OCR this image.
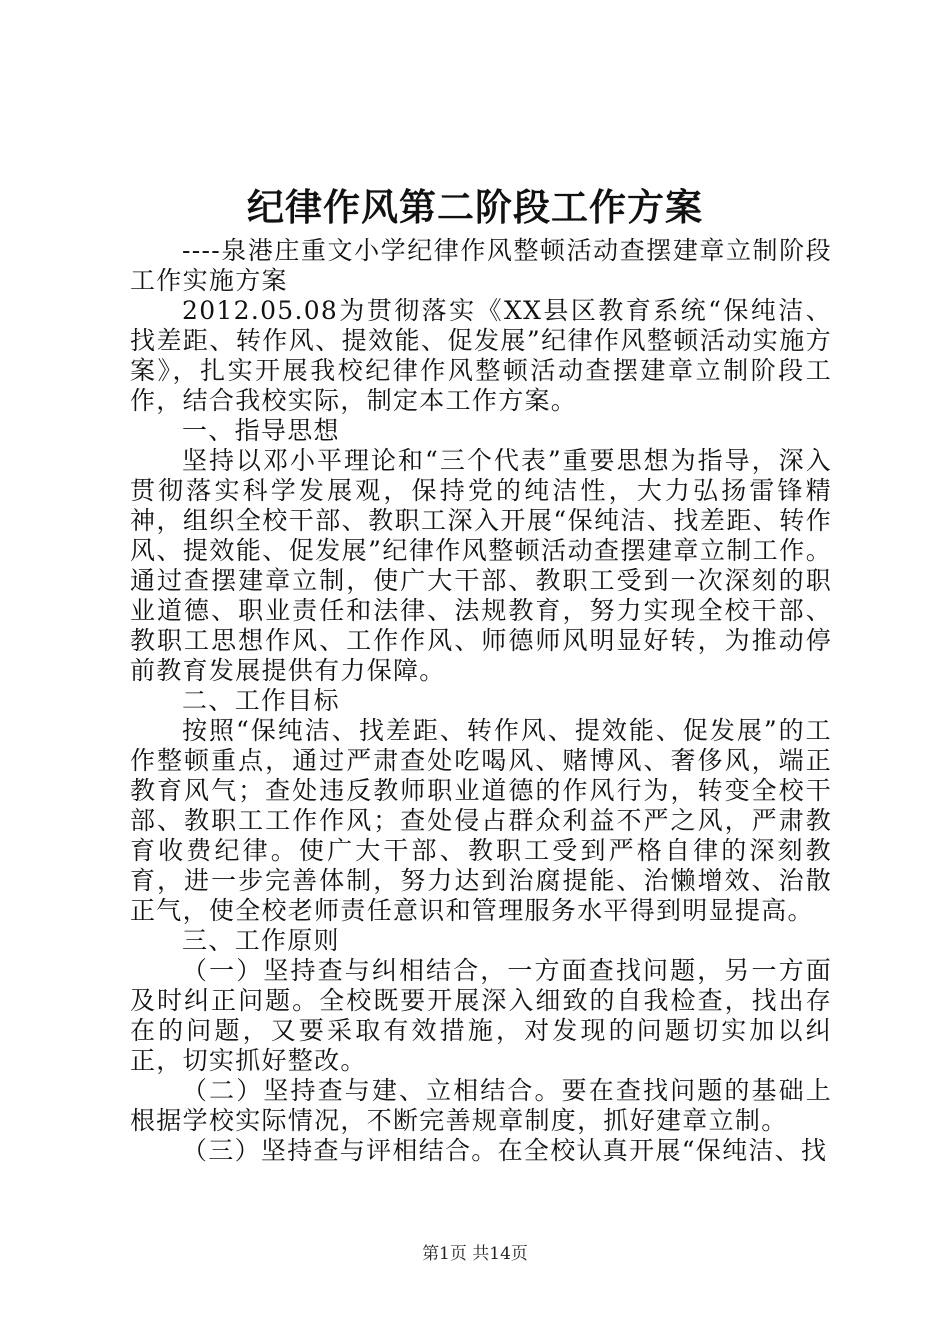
纪律作风第二阶段工作方案

----泉港庄重文小学纪律作风整顿活动查摆建章立制阶段工作实施方案

2012.05.08为贯彻落实《XX县区教育系统“保纯洁、找差距、转作风、提效能、促发展”纪律作风整顿活动实施方案》，扎实开展我校纪律作风整顿活动查摆建章立制阶段工作，结合我校实际，制定本工作方案。

一、指导思想

坚持以邓小平理论和“三个代表”重要思想为指导，深入贯彻落实科学发展观，保持党的纯洁性，大力弘扬雷锋精神，组织全校干部、教职工深入开展“保纯洁、找差距、转作风、提效能、促发展”纪律作风整顿活动查摆建章立制工作。通过查摆建章立制，使广大干部、教职工受到一次深刻的职业道德、职业责任和法律、法规教育，努力实现全校干部、教职工思想作风、工作作风、师德师风明显好转，为推动停前教育发展提供有力保障。

二、工作目标

按照“保纯洁、找差距、转作风、提效能、促发展”的工作整顿重点，通过严肃查处吃喝风、赌博风、奢侈风，端正教育风气；查处违反教师职业道德的作风行为，转变全校干部、教职工工作作风；查处侵占群众利益不严之风，严肃教育收费纪律。使广大干部、教职工受到严格自律的深刻教育，进一步完善体制，努力达到治腐提能、治懒增效、治散正气，使全校老师责任意识和管理服务水平得到明显提高。

三、工作原则

（一）坚持查与纠相结合，一方面查找问题，另一方面及时纠正问题。全校既要开展深入细致的自我检查，找出存在的问题，又要采取有效措施，对发现的问题切实加以纠正，切实抓好整改。

（二）坚持查与建、立相结合。要在查找问题的基础上根据学校实际情况，不断完善规章制度，抓好建章立制。

（三）坚持查与评相结合。在全校认真开展“保纯洁、找

第1页 共14页
